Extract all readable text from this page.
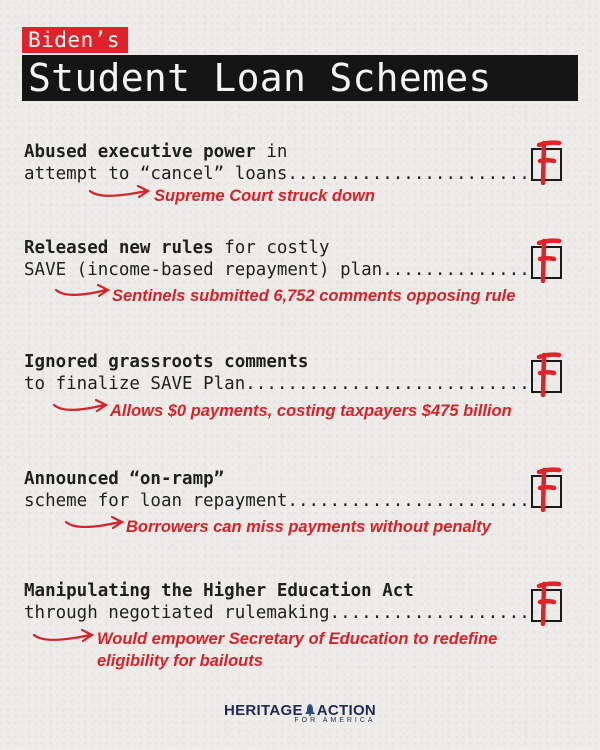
Biden’s
Student Loan Schemes
Abused executive power in
attempt to “cancel” loans
.....
Supreme Court struck down
Released new rules for costly
SAVE (income-based repayment) plan
.....
Sentinels submitted 6,752 comments opposing rule
Ignored grassroots comments
to finalize SAVE Plan
.....
Allows $0 payments, costing taxpayers $475 billion
Announced “on-ramp”
scheme for loan repayment
.....
Borrowers can miss payments without penalty
Manipulating the Higher Education Act
through negotiated rulemaking
.....
Would empower Secretary of Education to redefine eligibility for bailouts
HERITAGE ACTION
FOR AMERICA
